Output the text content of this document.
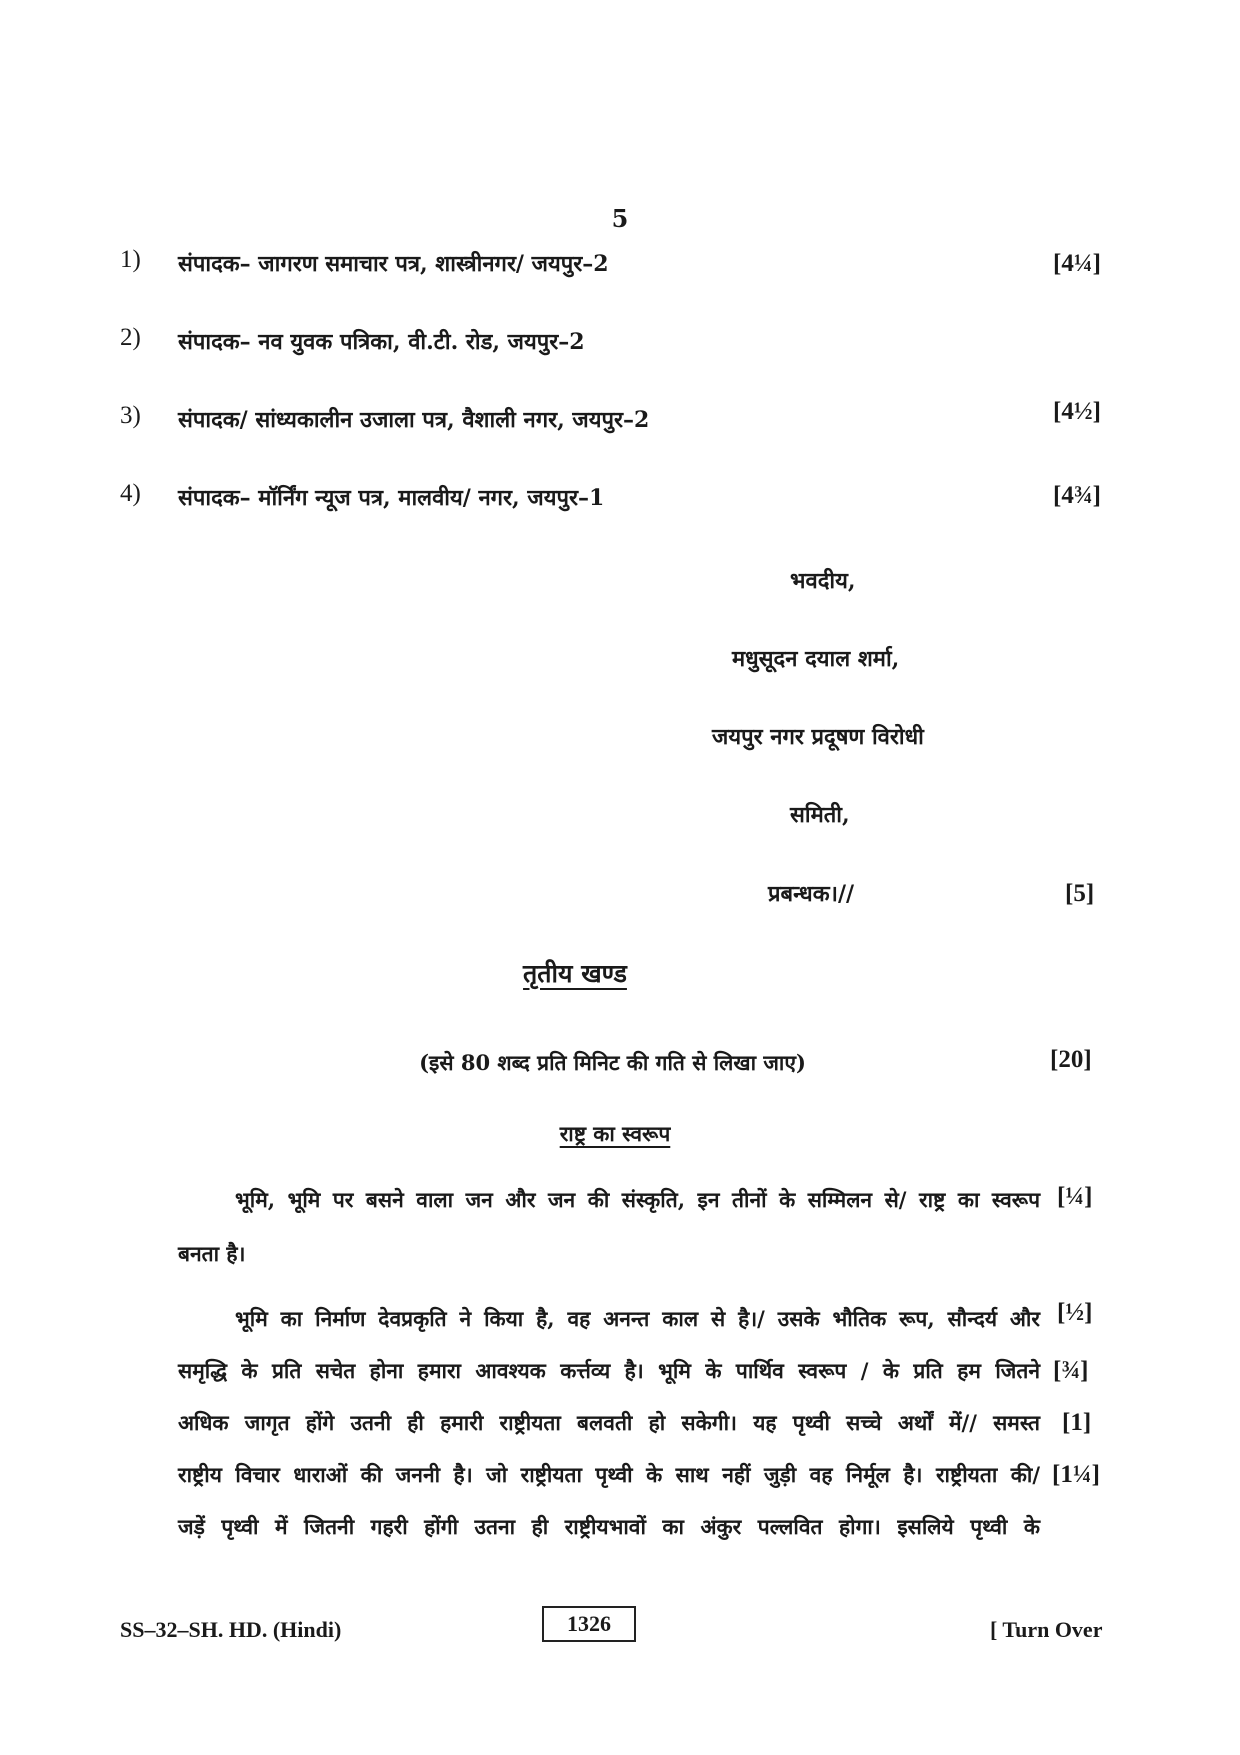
5
1) संपादक– जागरण समाचार पत्र, शास्त्रीनगर/ जयपुर–2	[4¼]
2) संपादक– नव युवक पत्रिका, वी.टी. रोड, जयपुर–2
3) संपादक/ सांध्यकालीन उजाला पत्र, वैशाली नगर, जयपुर–2	[4½]
4) संपादक– मॉर्निंग न्यूज पत्र, मालवीय/ नगर, जयपुर–1	[4¾]
भवदीय,
मधुसूदन दयाल शर्मा,
जयपुर नगर प्रदूषण विरोधी
समिती,
प्रबन्धक।//	[5]
तृतीय खण्ड
(इसे 80 शब्द प्रति मिनिट की गति से लिखा जाए)	[20]
राष्ट्र का स्वरूप
भूमि, भूमि पर बसने वाला जन और जन की संस्कृति, इन तीनों के सम्मिलन से/ राष्ट्र का स्वरूप [¼]
बनता है।
भूमि का निर्माण देवप्रकृति ने किया है, वह अनन्त काल से है।/ उसके भौतिक रूप, सौन्दर्य और [½]
समृद्धि के प्रति सचेत होना हमारा आवश्यक कर्त्तव्य है। भूमि के पार्थिव स्वरूप / के प्रति हम जितने [¾]
अधिक जागृत होंगे उतनी ही हमारी राष्ट्रीयता बलवती हो सकेगी। यह पृथ्वी सच्चे अर्थों में// समस्त [1]
राष्ट्रीय विचार धाराओं की जननी है। जो राष्ट्रीयता पृथ्वी के साथ नहीं जुड़ी वह निर्मूल है। राष्ट्रीयता की/ [1¼]
जड़ें पृथ्वी में जितनी गहरी होंगी उतना ही राष्ट्रीयभावों का अंकुर पल्लवित होगा। इसलिये पृथ्वी के
SS–32–SH. HD. (Hindi)	1326	[ Turn Over
